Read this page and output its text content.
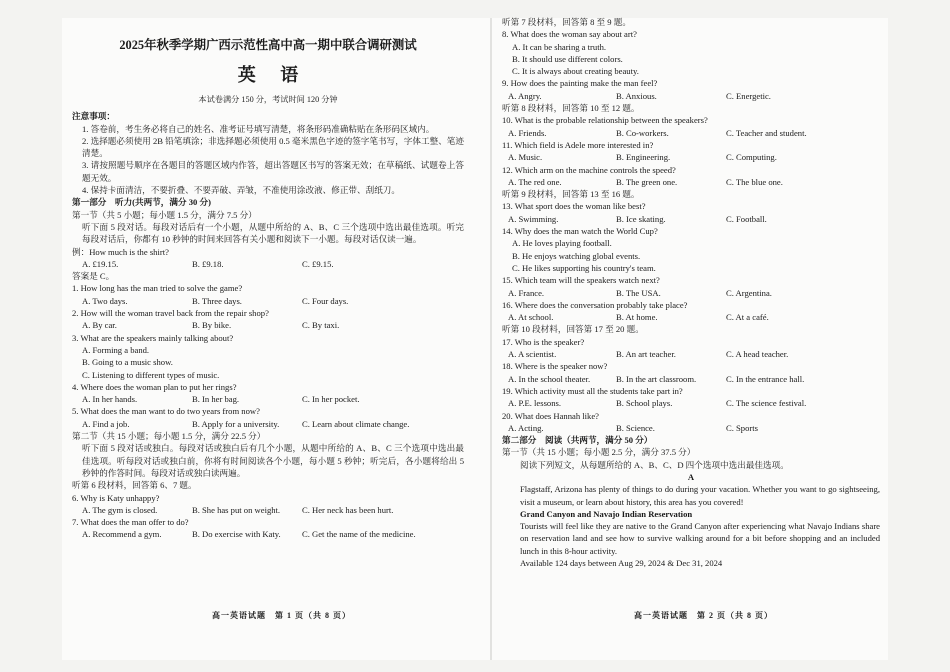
2025年秋季学期广西示范性高中高一期中联合调研测试
英 语
本试卷满分 150 分，考试时间 120 分钟
注意事项：
1. 答卷前，考生务必将自己的姓名、准考证号填写清楚，将条形码准确粘贴在条形码区域内。
2. 选择题必须使用 2B 铅笔填涂；非选择题必须使用 0.5 毫米黑色字迹的签字笔书写，字体工整、笔迹清楚。
3. 请按照题号顺序在各题目的答题区域内作答，超出答题区书写的答案无效；在草稿纸、试题卷上答题无效。
4. 保持卡面清洁，不要折叠、不要弄破、弄皱，不准使用涂改液、修正带、刮纸刀。
第一部分　听力(共两节，满分 30 分)
第一节（共 5 小题；每小题 1.5 分，满分 7.5 分）
听下面 5 段对话。每段对话后有一个小题，从题中所给的 A、B、C 三个选项中选出最佳选项。听完每段对话后，你都有 10 秒钟的时间来回答有关小题和阅读下一小题。每段对话仅读一遍。
例：How much is the shirt?
A. £19.15.	B. £9.18.	C. £9.15.
答案是 C。
1. How long has the man tried to solve the game?
A. Two days.	B. Three days.	C. Four days.
2. How will the woman travel back from the repair shop?
A. By car.	B. By bike.	C. By taxi.
3. What are the speakers mainly talking about?
A. Forming a band.
B. Going to a music show.
C. Listening to different types of music.
4. Where does the woman plan to put her rings?
A. In her hands.	B. In her bag.	C. In her pocket.
5. What does the man want to do two years from now?
A. Find a job.	B. Apply for a university.	C. Learn about climate change.
第二节（共 15 小题；每小题 1.5 分，满分 22.5 分）
听下面 5 段对话或独白。每段对话或独白后有几个小题，从题中所给的 A、B、C 三个选项中选出最佳选项。听每段对话或独白前，你将有时间阅读各个小题，每小题 5 秒钟；听完后，各小题将给出 5 秒钟的作答时间。每段对话或独白读两遍。
听第 6 段材料，回答第 6、7 题。
6. Why is Katy unhappy?
A. The gym is closed.	B. She has put on weight.	C. Her neck has been hurt.
7. What does the man offer to do?
A. Recommend a gym.	B. Do exercise with Katy.	C. Get the name of the medicine.
高一英语试题　第 1 页（共 8 页）
听第 7 段材料，回答第 8 至 9 题。
8. What does the woman say about art?
A. It can be sharing a truth.
B. It should use different colors.
C. It is always about creating beauty.
9. How does the painting make the man feel?
A. Angry.	B. Anxious.	C. Energetic.
听第 8 段材料，回答第 10 至 12 题。
10. What is the probable relationship between the speakers?
A. Friends.	B. Co-workers.	C. Teacher and student.
11. Which field is Adele more interested in?
A. Music.	B. Engineering.	C. Computing.
12. Which arm on the machine controls the speed?
A. The red one.	B. The green one.	C. The blue one.
听第 9 段材料，回答第 13 至 16 题。
13. What sport does the woman like best?
A. Swimming.	B. Ice skating.	C. Football.
14. Why does the man watch the World Cup?
A. He loves playing football.
B. He enjoys watching global events.
C. He likes supporting his country's team.
15. Which team will the speakers watch next?
A. France.	B. The USA.	C. Argentina.
16. Where does the conversation probably take place?
A. At school.	B. At home.	C. At a café.
听第 10 段材料，回答第 17 至 20 题。
17. Who is the speaker?
A. A scientist.	B. An art teacher.	C. A head teacher.
18. Where is the speaker now?
A. In the school theater.	B. In the art classroom.	C. In the entrance hall.
19. Which activity must all the students take part in?
A. P.E. lessons.	B. School plays.	C. The science festival.
20. What does Hannah like?
A. Acting.	B. Science.	C. Sports
第二部分　阅读（共两节，满分 50 分）
第一节（共 15 小题；每小题 2.5 分，满分 37.5 分）
阅读下列短文，从每题所给的 A、B、C、D 四个选项中选出最佳选项。
A
Flagstaff, Arizona has plenty of things to do during your vacation. Whether you want to go sightseeing, visit a museum, or learn about history, this area has you covered!
Grand Canyon and Navajo Indian Reservation
Tourists will feel like they are native to the Grand Canyon after experiencing what Navajo Indians share on reservation land and see how to survive walking around for a bit before shopping and an included lunch in this 8-hour activity.
Available 124 days between Aug 29, 2024 & Dec 31, 2024
高一英语试题　第 2 页（共 8 页）
